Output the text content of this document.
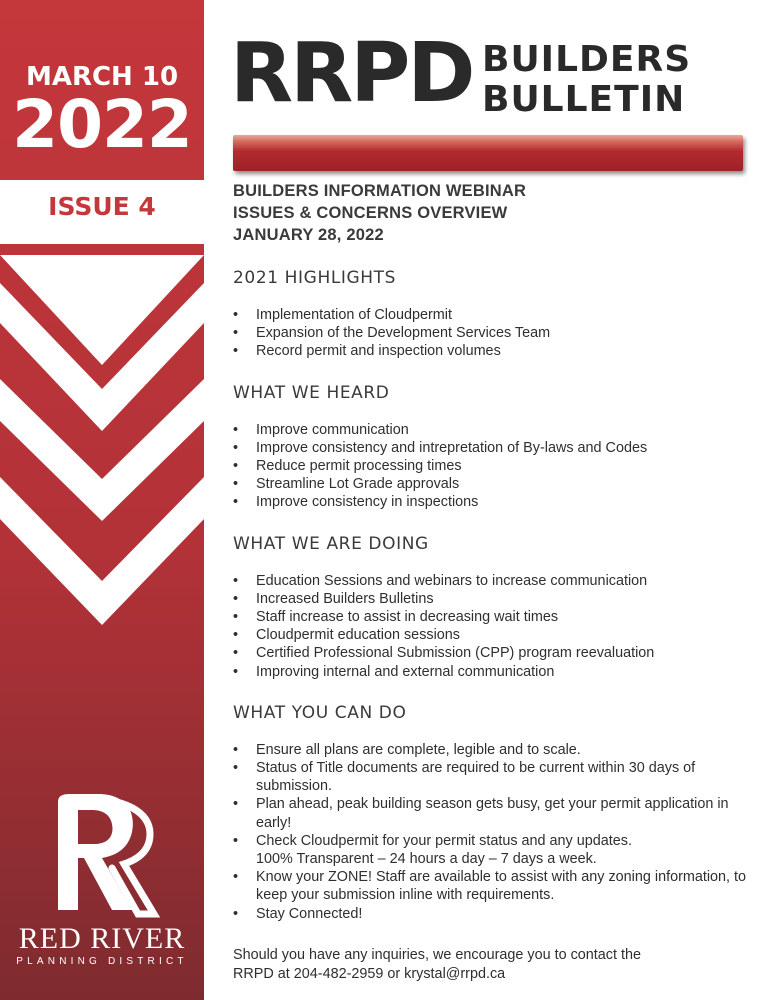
MARCH 10
2022
ISSUE 4
RED RIVER
PLANNING DISTRICT
RRPD BUILDERS
BULLETIN
BUILDERS INFORMATION WEBINAR
ISSUES & CONCERNS OVERVIEW
JANUARY 28, 2022
2021 HIGHLIGHTS
• Implementation of Cloudpermit
• Expansion of the Development Services Team
• Record permit and inspection volumes
WHAT WE HEARD
• Improve communication
• Improve consistency and intrepretation of By-laws and Codes
• Reduce permit processing times
• Streamline Lot Grade approvals
• Improve consistency in inspections
WHAT WE ARE DOING
• Education Sessions and webinars to increase communication
• Increased Builders Bulletins
• Staff increase to assist in decreasing wait times
• Cloudpermit education sessions
• Certified Professional Submission (CPP) program reevaluation
• Improving internal and external communication
WHAT YOU CAN DO
• Ensure all plans are complete, legible and to scale.
• Status of Title documents are required to be current within 30 days of submission.
• Plan ahead, peak building season gets busy, get your permit application in early!
• Check Cloudpermit for your permit status and any updates.
100% Transparent – 24 hours a day – 7 days a week.
• Know your ZONE! Staff are available to assist with any zoning information, to keep your submission inline with requirements.
• Stay Connected!
Should you have any inquiries, we encourage you to contact the
RRPD at 204-482-2959 or krystal@rrpd.ca
